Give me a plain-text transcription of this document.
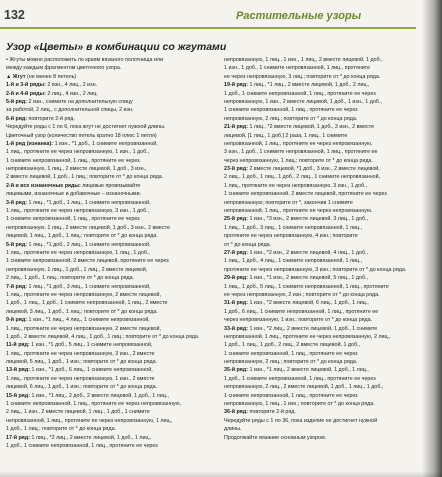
132	Растительные узоры
Узор «Цветы» в комбинации со жгутами
• Жгуты можно расположить по краям вязаного полотнища или
между каждым фрагментом цветочного узора.
▲ Жгут (не менее 8 петель)
1-й и 3-й ряды: 2 изн., 4 лиц., 2 изн.
2-й и 4-й ряды: 2 лиц., 4 изн., 2 лиц.
5-й ряд: 2 изн., снимите на дополнительную спицу
за работой, 2 лиц., с дополнительной спицы, 2 изн.
6-й ряд: повторите 2-й ряд.
Чередуйте ряды с 1 по 6, пока жгут не достигнет нужной длины.
Цветочный узор (количество петель кратно 18 плюс 1 петля)
1-й ряд (изнанка): 1 изн., *1 доб., 1 снимите непровязанной,
1 лиц., протяните ее через непровязанную, 1 изн., 1 доб.,
1 снимите непровязанной, 1 лиц., протяните ее через
непровязанную, 1 лиц., 2 вместе лицевой, 1 доб., 3 изн.,
2 вместе лицевой, 1 доб., 1 лиц.; повторите от * до конца ряда.
2-й и все изнаночные ряды: лицевые провязывайте
лицевыми, изнаночные и добавочные – изнаночными.
3-й ряд: 1 лиц., *1 доб., 1 лиц., 1 снимите непровязанной,
1 лиц., протяните ее через непровязанную, 3 изн., 1 доб.,
1 снимите непровязанной, 1 лиц., протяните ее через
непровязанную, 1 лиц., 2 вместе лицевой, 1 доб., 3 изн., 2 вместе
лицевой, 1 лиц., 1 доб., 1 лиц.; повторите от * до конца ряда.
5-й ряд: 1 лиц., *1 доб., 2 лиц., 1 снимите непровязанной,
1 лиц., протяните ее через непровязанную, 1 лиц., 1 доб.,
1 снимите непровязанной, 2 вместе лицевой, протяните ее через
непровязанную, 1 лиц., 1 доб., 1 лиц., 2 вместе лицевой,
2 лиц., 1 доб., 1 лиц.; повторите от * до конца ряда.
7-й ряд: 1 лиц., *1 доб., 3 лиц., 1 снимите непровязанной,
1 лиц., протяните ее через непровязанную, 2 вместе лицевой,
1 доб., 1 лиц., 1 доб., 1 снимите непровязанной, 1 лиц., 2 вместе
лицевой, 3 лиц., 1 доб., 1 лиц.; повторите от * до конца ряда.
9-й ряд: 1 изн., *1 лиц., 4 лиц., 1 снимите непровязанной,
1 лиц., протяните ее через непровязанную, 2 вместе лицевой,
1 доб., 2 вместе лицевой, 4 лиц., 1 доб., 1 лиц.; повторите от * до конца ряда.
11-й ряд: 1 изн., *1 доб., 5 лиц., 1 снимите непровязанной,
1 лиц., протяните ее через непровязанную, 3 изн., 2 вместе
лицевой, 5 лиц., 1 доб., 1 изн.; повторите от * до конца ряда.
13-й ряд: 1 изн., *1 доб., 6 лиц., 1 снимите непровязанной,
1 лиц., протяните ее через непровязанную, 1 изн., 2 вместе
лицевой, 6 лиц., 1 доб., 1 изн.; повторите от * до конца ряда.
15-й ряд: 1 изн., *1 лиц., 2 доб., 2 вместе лицевой, 1 доб., 1 лиц.,
1 снимите непровязанной, 1 лиц., протяните ее через непровязанную,
2 лиц., 1 изн., 2 вместе лицевой, 1 лиц., 1 доб., 1 снимите
непровязанной, 1 лиц., протяните ее через непровязанную, 1 лиц.,
1 доб., 1 лиц.; повторите от * до конца ряда.
17-й ряд: 1 лиц., *2 лиц., 2 вместе лицевой, 1 доб., 1 лиц.,
1 доб., 1 снимите непровязанной, 1 лиц., протяните ее через
непровязанную, 1 лиц., 1 изн., 1 лиц., 2 вместе лицевой, 1 доб.,
1 изн., 1 доб., 1 снимите непровязанной, 1 лиц., протяните
ее через непровязанную, 3 лиц.; повторите от * до конца ряда.
19-й ряд: 1 лиц., *1 лиц., 2 вместе лицевой, 1 доб., 2 лиц.,
1 доб., 1 снимите непровязанной, 1 лиц., протяните ее через
непровязанную, 1 изн., 2 вместе лицевой, 1 доб., 1 изн., 1 доб.,
1 снимите непровязанной, 1 лиц., протяните ее через
непровязанную, 2 лиц.; повторите от * до конца ряда.
21-й ряд: 1 лиц., *2 вместе лицевой, 1 доб., 3 изн., 2 вместе
лицевой, [1 лиц., 1 доб.] 2 раза, 1 лиц., 1 снимите
непровязанной, 1 лиц., протяните ее через непровязанную,
3 изн., 1 доб., 1 снимите непровязанной, 1 лиц., протяните ее
через непровязанную, 1 лиц.; повторите от * до конца ряда.
23-й ряд: 2 вместе лицевой, *1 доб., 3 изн., 2 вместе лицевой,
2 лиц., 1 доб., 1 лиц., 1 доб., 2 лиц., 1 снимите непровязанной,
1 лиц., протяните ее через непровязанную, 3 изн., 1 доб.,
1 снимите непровязанной, 2 вместе лицевой, протяните ее через
непровязанную; повторите от *, закончив 1 снимите
непровязанной, 1 лиц., протяните ее через непровязанную.
25-й ряд: 1 изн., *3 изн., 2 вместе лицевой, 3 лиц., 1 доб.,
1 лиц., 1 доб., 3 лиц., 1 снимите непровязанной, 1 лиц.,
протяните ее через непровязанную, 4 изн.; повторите
от * до конца ряда.
27-й ряд: 1 изн., *2 изн., 2 вместе лицевой, 4 лиц., 1 доб.,
1 лиц., 1 доб., 4 лиц., 1 снимите непровязанной, 1 лиц.,
протяните ее через непровязанную, 3 изн.; повторите от * до конца ряда.
29-й ряд: 1 изн., *1 изн., 2 вместе лицевой, 5 лиц., 1 доб.,
1 лиц., 1 доб., 5 лиц., 1 снимите непровязанной, 1 лиц., протяните
ее через непровязанную, 2 изн.; повторите от * до конца ряда.
31-й ряд: 1 изн., *2 вместе лицевой, 6 лиц., 1 доб., 1 лиц.,
1 доб., 6 лиц., 1 снимите непровязанной, 1 лиц., протяните ее
через непровязанную, 1 изн.; повторите от * до конца ряда.
33-й ряд: 1 изн., *2 лиц., 2 вместе лицевой, 1 доб., 1 снимите
непровязанной, 1 лиц., протяните ее через непровязанную, 2 лиц.,
1 доб., 1 лиц., 1 доб., 2 лиц., 2 вместе лицевой, 1 доб.,
1 снимите непровязанной, 1 лиц., протяните ее через
непровязанную, 2 лиц.; повторите от * до конца ряда.
35-й ряд: 1 изн., *1 лиц., 2 вместе лицевой, 1 доб., 1 лиц.,
1 доб., 1 снимите непровязанной, 1 лиц., протяните ее через
непровязанную, 2 лиц., 2 вместе лицевой, 1 доб., 1 лиц., 1 доб.,
1 снимите непровязанной, 1 лиц., протяните ее через
непровязанную, 1 лиц., 1 изн.; повторите от * до конца ряда.
36-й ряд: повторите 2-й ряд.
Чередуйте ряды с 1 по 36, пока изделие не достигнет нужной
длины.
Продолжайте вязание основным узором.
